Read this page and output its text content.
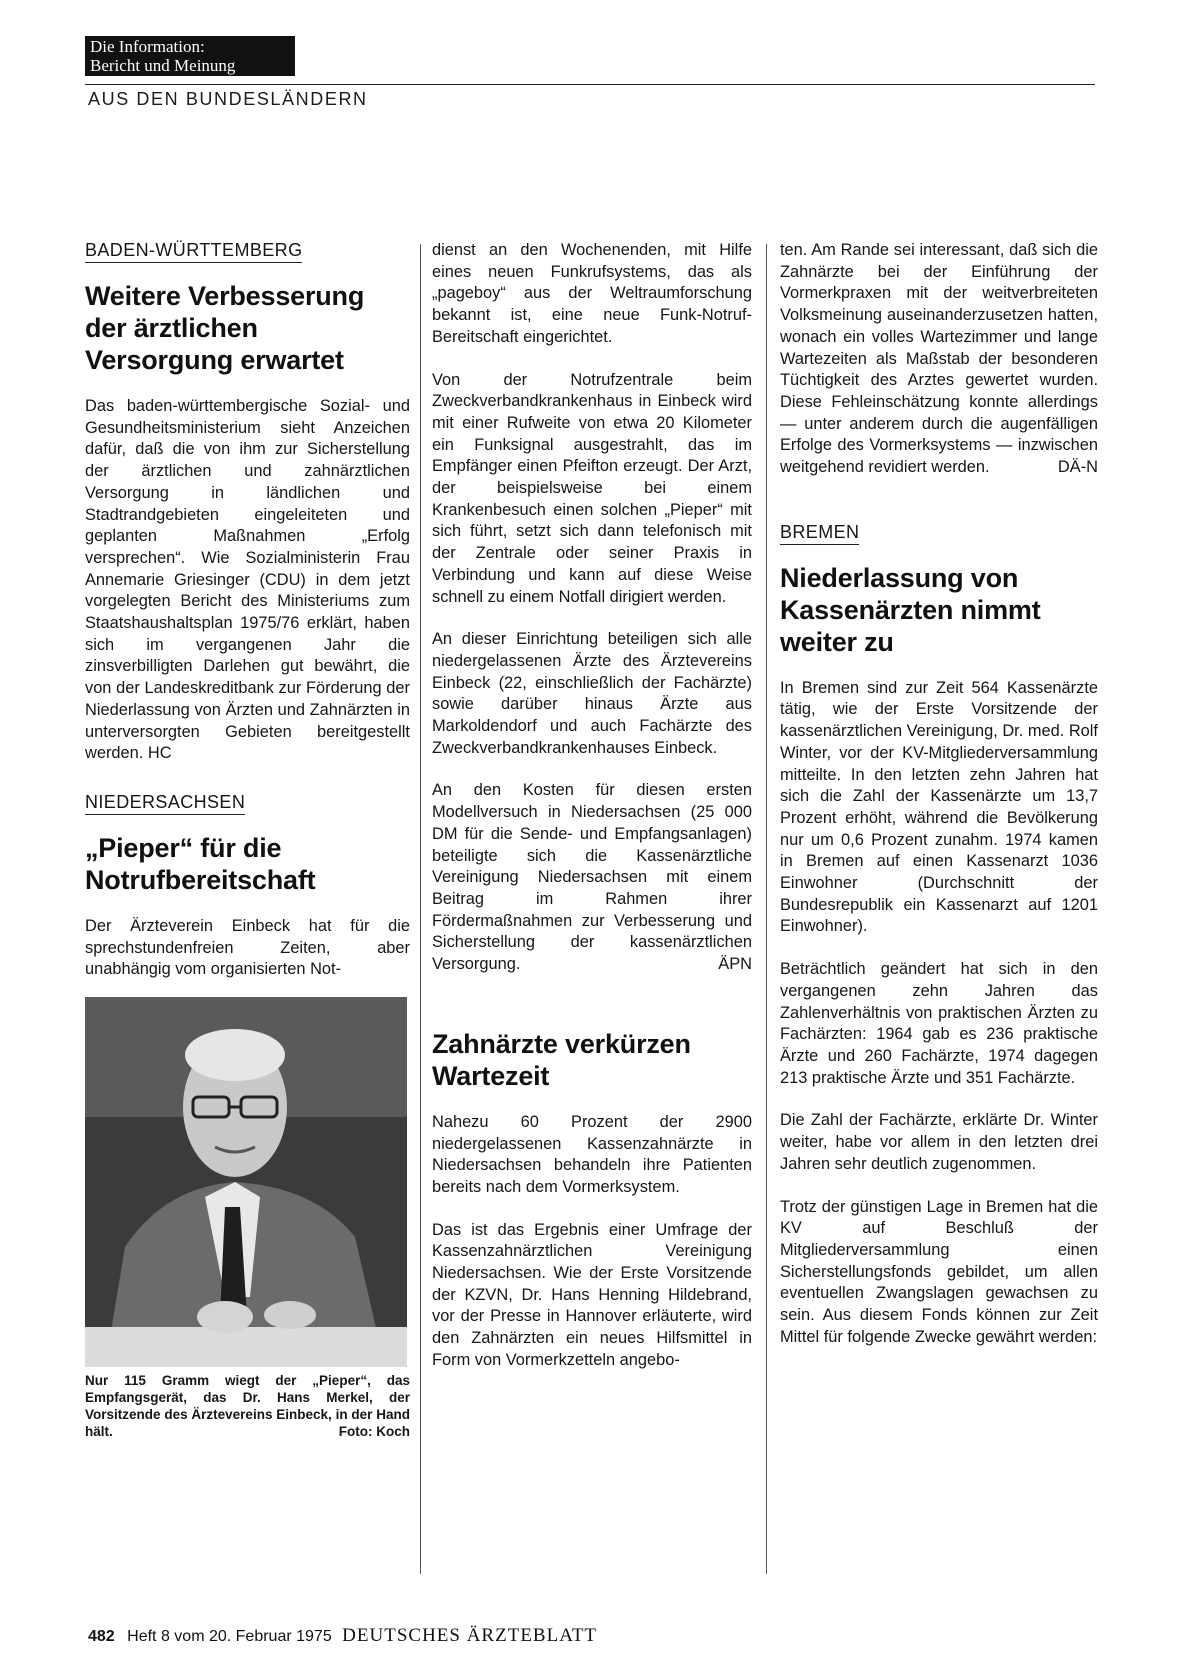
Die Information:
Bericht und Meinung
AUS DEN BUNDESLÄNDERN
BADEN-WÜRTTEMBERG
Weitere Verbesserung der ärztlichen Versorgung erwartet

Das baden-württembergische Sozial- und Gesundheitsministerium sieht Anzeichen dafür, daß die von ihm zur Sicherstellung der ärztlichen und zahnärztlichen Versorgung in ländlichen und Stadtrandgebieten eingeleiteten und geplanten Maßnahmen „Erfolg versprechen“. Wie Sozialministerin Frau Annemarie Griesinger (CDU) in dem jetzt vorgelegten Bericht des Ministeriums zum Staatshaushaltsplan 1975/76 erklärt, haben sich im vergangenen Jahr die zinsverbilligten Darlehen gut bewährt, die von der Landeskreditbank zur Förderung der Niederlassung von Ärzten und Zahnärzten in unterversorgten Gebieten bereitgestellt werden. HC

NIEDERSACHSEN
„Pieper“ für die Notrufbereitschaft

Der Ärzteverein Einbeck hat für die sprechstundenfreien Zeiten, aber unabhängig vom organisierten Not-

Nur 115 Gramm wiegt der „Pieper“, das Empfangsgerät, das Dr. Hans Merkel, der Vorsitzende des Ärztevereins Einbeck, in der Hand hält.	Foto: Koch

dienst an den Wochenenden, mit Hilfe eines neuen Funkrufsystems, das als „pageboy“ aus der Weltraumforschung bekannt ist, eine neue Funk-Notruf-Bereitschaft eingerichtet.

Von der Notrufzentrale beim Zweckverbandkrankenhaus in Einbeck wird mit einer Rufweite von etwa 20 Kilometer ein Funksignal ausgestrahlt, das im Empfänger einen Pfeifton erzeugt. Der Arzt, der beispielsweise bei einem Krankenbesuch einen solchen „Pieper“ mit sich führt, setzt sich dann telefonisch mit der Zentrale oder seiner Praxis in Verbindung und kann auf diese Weise schnell zu einem Notfall dirigiert werden.

An dieser Einrichtung beteiligen sich alle niedergelassenen Ärzte des Ärztevereins Einbeck (22, einschließlich der Fachärzte) sowie darüber hinaus Ärzte aus Markoldendorf und auch Fachärzte des Zweckverbandkrankenhauses Einbeck.

An den Kosten für diesen ersten Modellversuch in Niedersachsen (25 000 DM für die Sende- und Empfangsanlagen) beteiligte sich die Kassenärztliche Vereinigung Niedersachsen mit einem Beitrag im Rahmen ihrer Fördermaßnahmen zur Verbesserung und Sicherstellung der kassenärztlichen Versorgung.	ÄPN

Zahnärzte verkürzen Wartezeit

Nahezu 60 Prozent der 2900 niedergelassenen Kassenzahnärzte in Niedersachsen behandeln ihre Patienten bereits nach dem Vormerksystem.

Das ist das Ergebnis einer Umfrage der Kassenzahnärztlichen Vereinigung Niedersachsen. Wie der Erste Vorsitzende der KZVN, Dr. Hans Henning Hildebrand, vor der Presse in Hannover erläuterte, wird den Zahnärzten ein neues Hilfsmittel in Form von Vormerkzetteln angebo-

ten. Am Rande sei interessant, daß sich die Zahnärzte bei der Einführung der Vormerkpraxen mit der weitverbreiteten Volksmeinung auseinanderzusetzen hatten, wonach ein volles Wartezimmer und lange Wartezeiten als Maßstab der besonderen Tüchtigkeit des Arztes gewertet wurden. Diese Fehleinschätzung konnte allerdings — unter anderem durch die augenfälligen Erfolge des Vormerksystems — inzwischen weitgehend revidiert werden.	DÄ-N

BREMEN
Niederlassung von Kassenärzten nimmt weiter zu

In Bremen sind zur Zeit 564 Kassenärzte tätig, wie der Erste Vorsitzende der kassenärztlichen Vereinigung, Dr. med. Rolf Winter, vor der KV-Mitgliederversammlung mitteilte. In den letzten zehn Jahren hat sich die Zahl der Kassenärzte um 13,7 Prozent erhöht, während die Bevölkerung nur um 0,6 Prozent zunahm. 1974 kamen in Bremen auf einen Kassenarzt 1036 Einwohner (Durchschnitt der Bundesrepublik ein Kassenarzt auf 1201 Einwohner).

Beträchtlich geändert hat sich in den vergangenen zehn Jahren das Zahlenverhältnis von praktischen Ärzten zu Fachärzten: 1964 gab es 236 praktische Ärzte und 260 Fachärzte, 1974 dagegen 213 praktische Ärzte und 351 Fachärzte.

Die Zahl der Fachärzte, erklärte Dr. Winter weiter, habe vor allem in den letzten drei Jahren sehr deutlich zugenommen.

Trotz der günstigen Lage in Bremen hat die KV auf Beschluß der Mitgliederversammlung einen Sicherstellungsfonds gebildet, um allen eventuellen Zwangslagen gewachsen zu sein. Aus diesem Fonds können zur Zeit Mittel für folgende Zwecke gewährt werden:

482 Heft 8 vom 20. Februar 1975 DEUTSCHES ÄRZTEBLATT
